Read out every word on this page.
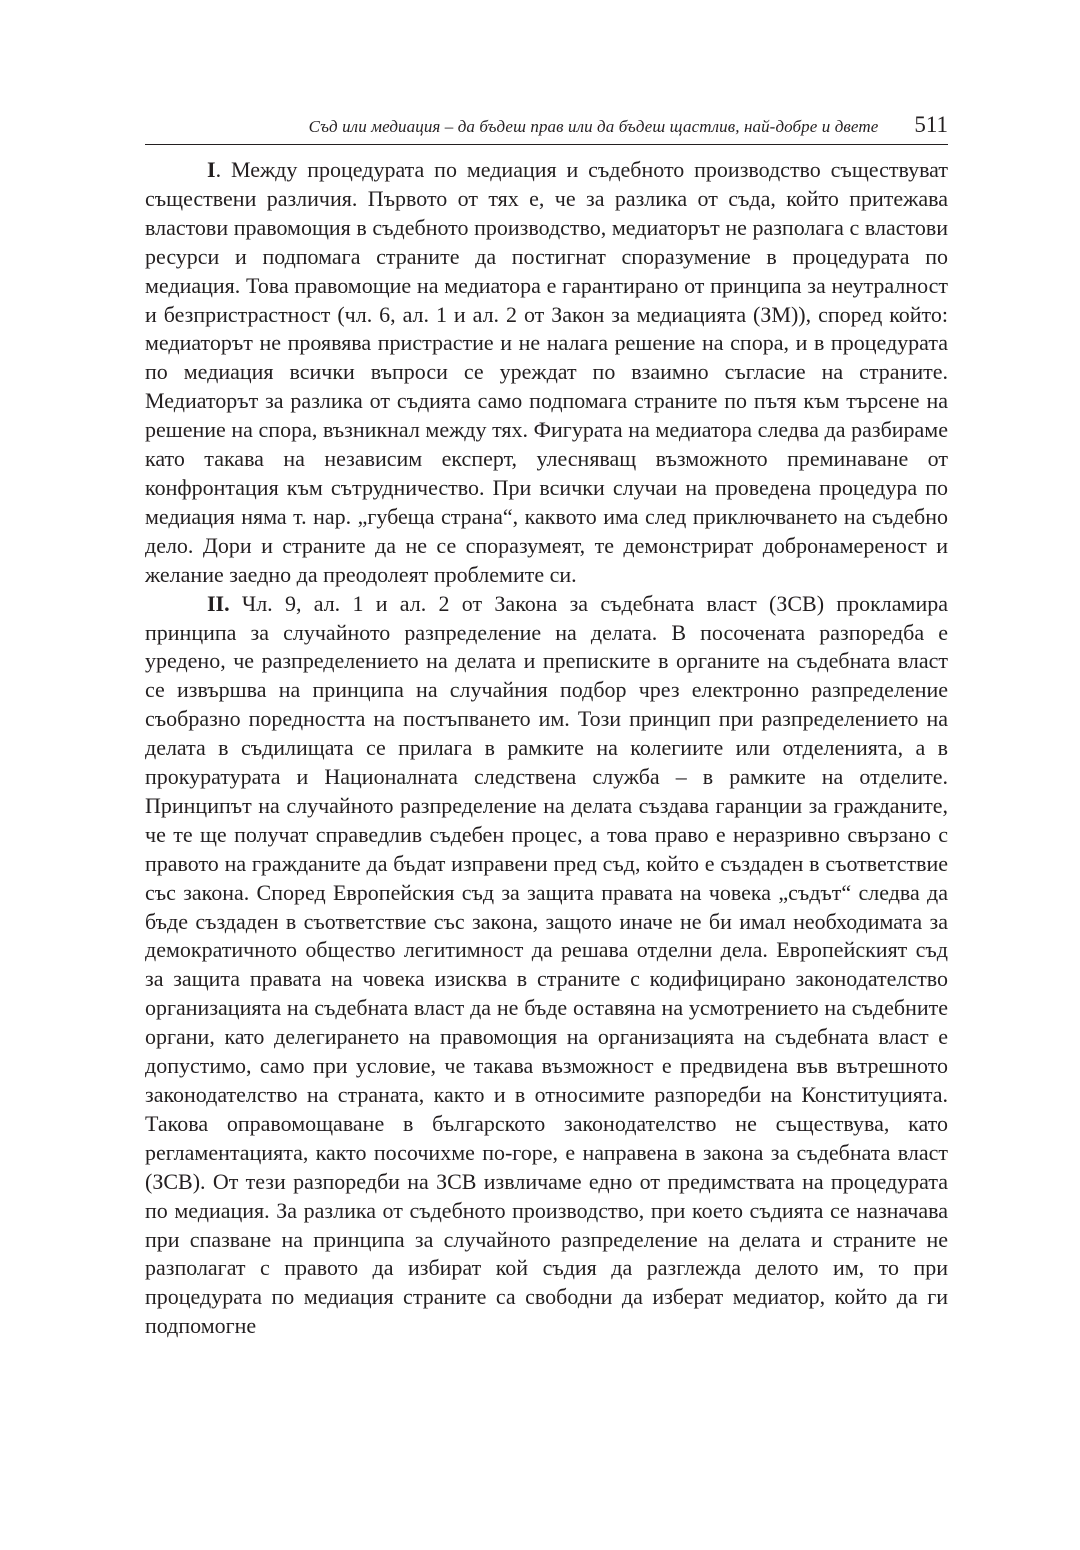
Съд или медиация – да бъдеш прав или да бъдеш щастлив, най-добре и двете 511

I. Между процедурата по медиация и съдебното производство съществуват съществени различия. Първото от тях е, че за разлика от съда, който притежава властови правомощия в съдебното производство, медиаторът не разполага с властови ресурси и подпомага страните да постигнат споразумение в процедурата по медиация. Това правомощие на медиатора е гарантирано от принципа за неутралност и безпристрастност (чл. 6, ал. 1 и ал. 2 от Закон за медиацията (ЗМ)), според който: медиаторът не проявява пристрастие и не налага решение на спора, и в процедурата по медиация всички въпроси се уреждат по взаимно съгласие на страните. Медиаторът за разлика от съдията само подпомага страните по пътя към търсене на решение на спора, възникнал между тях. Фигурата на медиатора следва да разбираме като такава на независим експерт, улесняващ възможното преминаване от конфронтация към сътрудничество. При всички случаи на проведена процедура по медиация няма т. нар. „губеща страна“, каквото има след приключването на съдебно дело. Дори и страните да не се споразумеят, те демонстрират добронамереност и желание заедно да преодолеят проблемите си.

II. Чл. 9, ал. 1 и ал. 2 от Закона за съдебната власт (ЗСВ) прокламира принципа за случайното разпределение на делата. В посочената разпоредба е уредено, че разпределението на делата и преписките в органите на съдебната власт се извършва на принципа на случайния подбор чрез електронно разпределение съобразно поредността на постъпването им. Този принцип при разпределението на делата в съдилищата се прилага в рамките на колегиите или отделенията, а в прокуратурата и Националната следствена служба – в рамките на отделите. Принципът на случайното разпределение на делата създава гаранции за гражданите, че те ще получат справедлив съдебен процес, а това право е неразривно свързано с правото на гражданите да бъдат изправени пред съд, който е създаден в съответствие със закона. Според Европейския съд за защита правата на човека „съдът“ следва да бъде създаден в съответствие със закона, защото иначе не би имал необходимата за демократичното общество легитимност да решава отделни дела. Европейският съд за защита правата на човека изисква в страните с кодифицирано законодателство организацията на съдебната власт да не бъде оставяна на усмотрението на съдебните органи, като делегирането на правомощия на организацията на съдебната власт е допустимо, само при условие, че такава възможност е предвидена във вътрешното законодателство на страната, както и в относимите разпоредби на Конституцията. Такова оправомощаване в българското законодателство не съществува, като регламентацията, както посочихме по-горе, е направена в закона за съдебната власт (ЗСВ). От тези разпоредби на ЗСВ извличаме едно от предимствата на процедурата по медиация. За разлика от съдебното производство, при което съдията се назначава при спазване на принципа за случайното разпределение на делата и страните не разполагат с правото да избират кой съдия да разглежда делото им, то при процедурата по медиация страните са свободни да изберат медиатор, който да ги подпомогне
